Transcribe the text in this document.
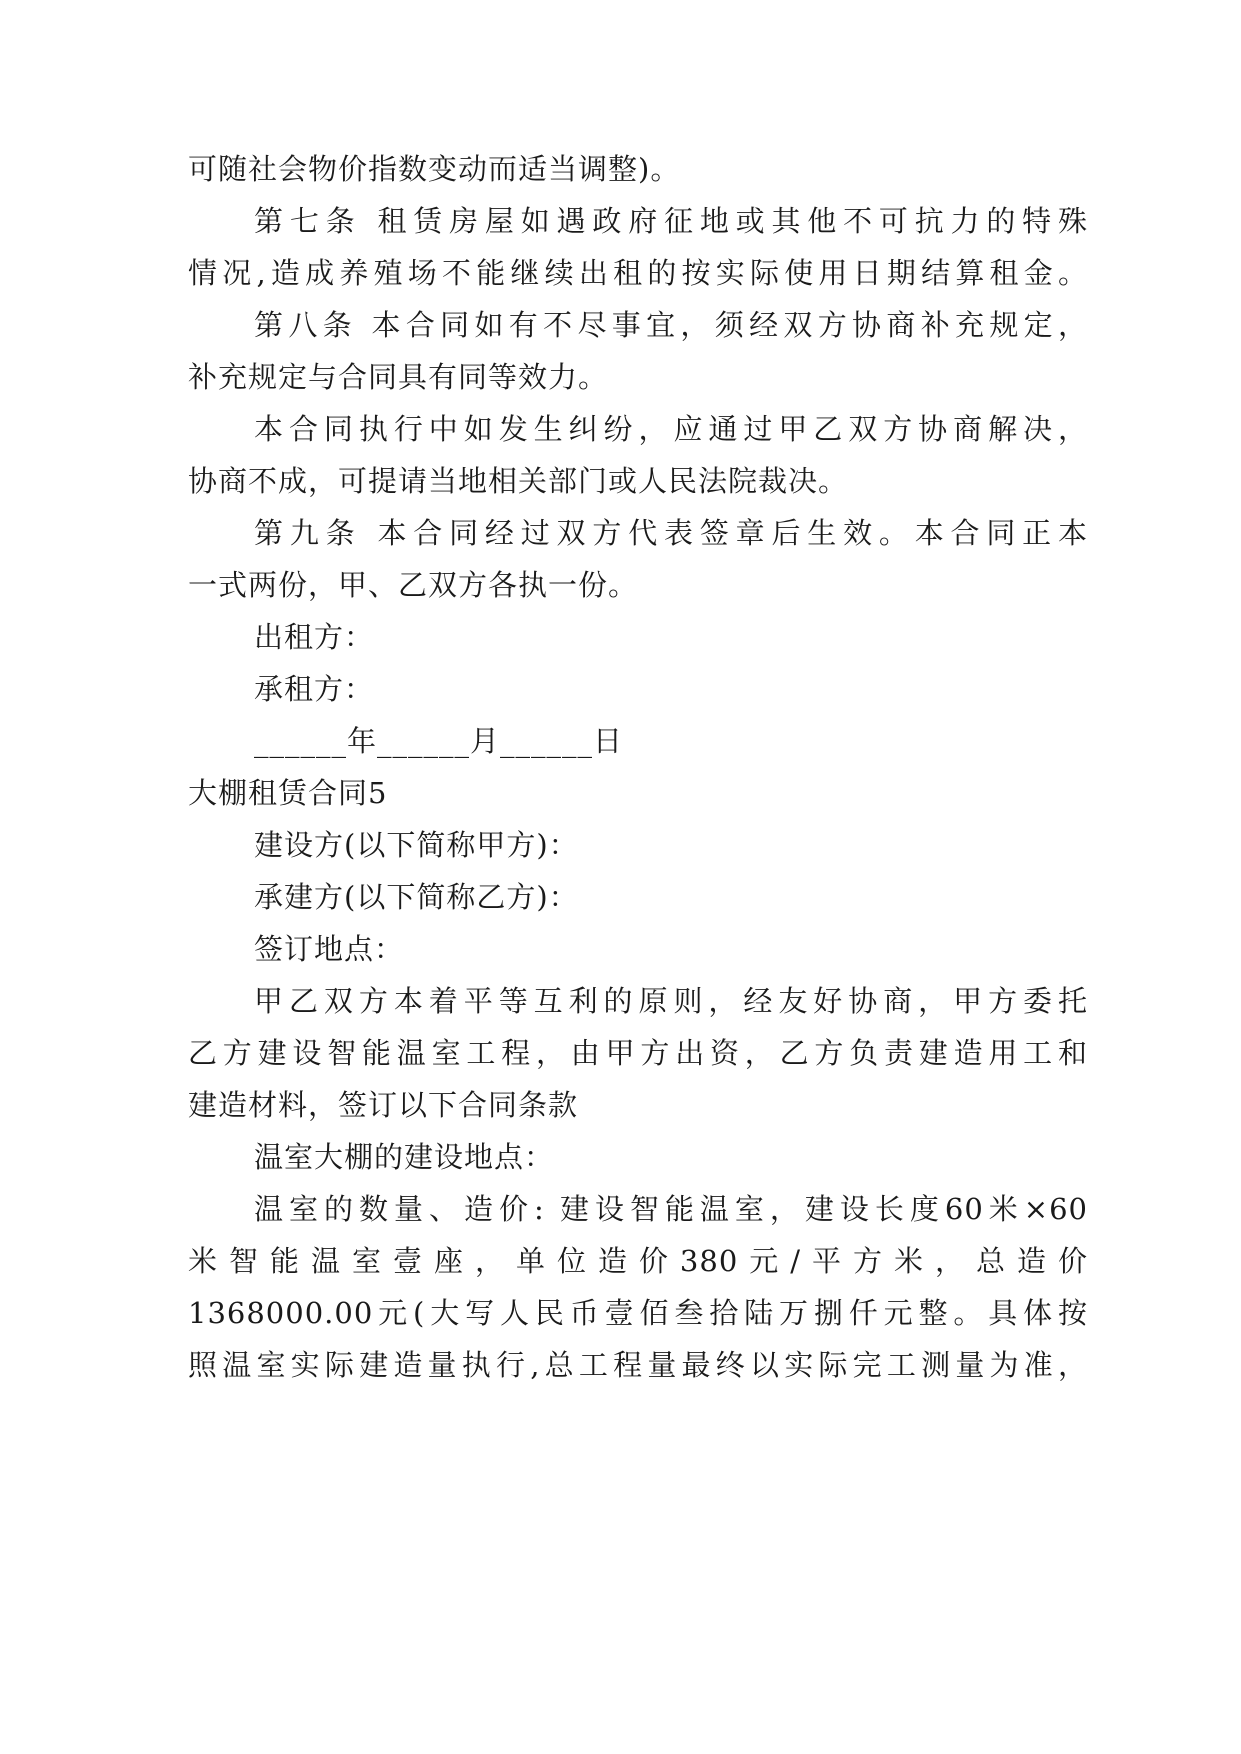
可随社会物价指数变动而适当调整)。
第七条 租赁房屋如遇政府征地或其他不可抗力的特殊
情况,造成养殖场不能继续出租的按实际使用日期结算租金。
第八条 本合同如有不尽事宜，须经双方协商补充规定，
补充规定与合同具有同等效力。
本合同执行中如发生纠纷，应通过甲乙双方协商解决，
协商不成，可提请当地相关部门或人民法院裁决。
第九条 本合同经过双方代表签章后生效。本合同正本
一式两份，甲、乙双方各执一份。
出租方：
承租方：
______年______月______日
大棚租赁合同5
建设方(以下简称甲方)：
承建方(以下简称乙方)：
签订地点：
甲乙双方本着平等互利的原则，经友好协商，甲方委托
乙方建设智能温室工程，由甲方出资，乙方负责建造用工和
建造材料，签订以下合同条款
温室大棚的建设地点：
温室的数量、造价: 建设智能温室，建设长度60米×60
米智能温室壹座，单位造价380元/平方米，总造价
1368000.00元(大写人民币壹佰叁拾陆万捌仟元整。具体按
照温室实际建造量执行,总工程量最终以实际完工测量为准，
